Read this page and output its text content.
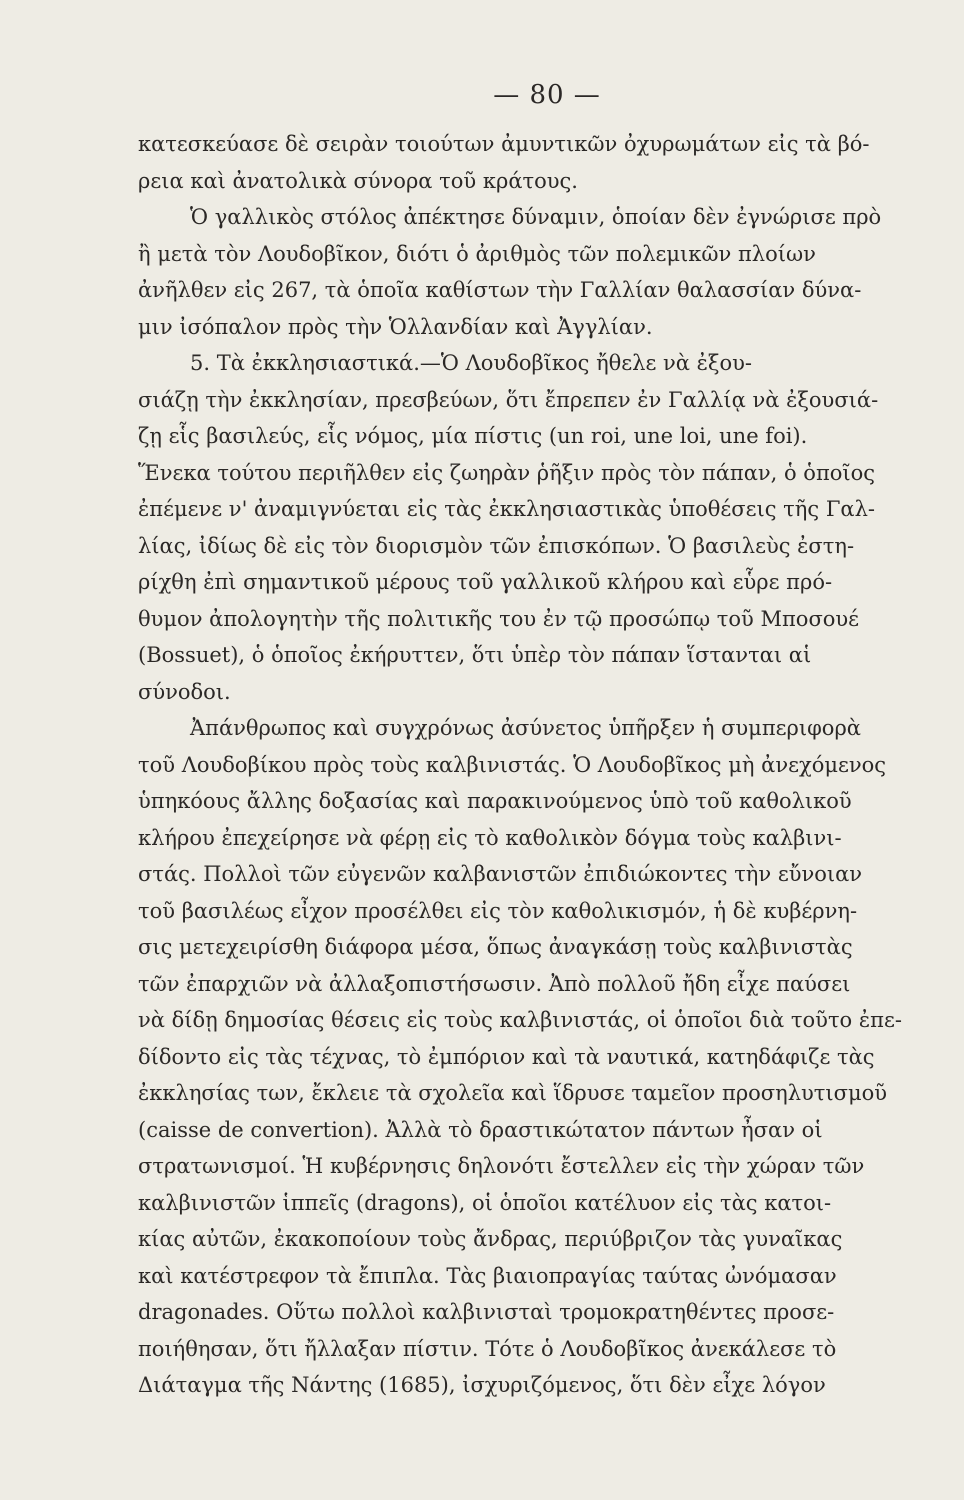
— 80 —
κατεσκεύασε δὲ σειρὰν τοιούτων ἀμυντικῶν ὀχυρωμάτων εἰς τὰ βό-
ρεια καὶ ἀνατολικὰ σύνορα τοῦ κράτους.
Ὁ γαλλικὸς στόλος ἀπέκτησε δύναμιν, ὁποίαν δὲν ἐγνώρισε πρὸ
ἢ μετὰ τὸν Λουδοβῖκον, διότι ὁ ἀριθμὸς τῶν πολεμικῶν πλοίων
ἀνῆλθεν εἰς 267, τὰ ὁποῖα καθίστων τὴν Γαλλίαν θαλασσίαν δύνα-
μιν ἰσόπαλον πρὸς τὴν Ὁλλανδίαν καὶ Ἀγγλίαν.
5. Τὰ ἐκκλησιαστικά.—Ὁ Λουδοβῖκος ἤθελε νὰ ἐξου-
σιάζῃ τὴν ἐκκλησίαν, πρεσβεύων, ὅτι ἔπρεπεν ἐν Γαλλίᾳ νὰ ἐξουσιά-
ζῃ εἷς βασιλεύς, εἷς νόμος, μία πίστις (un roi, une loi, une foi).
Ἕνεκα τούτου περιῆλθεν εἰς ζωηρὰν ῥῆξιν πρὸς τὸν πάπαν, ὁ ὁποῖος
ἐπέμενε ν' ἀναμιγνύεται εἰς τὰς ἐκκλησιαστικὰς ὑποθέσεις τῆς Γαλ-
λίας, ἰδίως δὲ εἰς τὸν διορισμὸν τῶν ἐπισκόπων. Ὁ βασιλεὺς ἐστη-
ρίχθη ἐπὶ σημαντικοῦ μέρους τοῦ γαλλικοῦ κλήρου καὶ εὗρε πρό-
θυμον ἀπολογητὴν τῆς πολιτικῆς του ἐν τῷ προσώπῳ τοῦ Μποσουέ
(Bossuet), ὁ ὁποῖος ἐκήρυττεν, ὅτι ὑπὲρ τὸν πάπαν ἵστανται αἱ
σύνοδοι.
Ἀπάνθρωπος καὶ συγχρόνως ἀσύνετος ὑπῆρξεν ἡ συμπεριφορὰ
τοῦ Λουδοβίκου πρὸς τοὺς καλβινιστάς. Ὁ Λουδοβῖκος μὴ ἀνεχόμενος
ὑπηκόους ἄλλης δοξασίας καὶ παρακινούμενος ὑπὸ τοῦ καθολικοῦ
κλήρου ἐπεχείρησε νὰ φέρῃ εἰς τὸ καθολικὸν δόγμα τοὺς καλβινι-
στάς. Πολλοὶ τῶν εὐγενῶν καλβανιστῶν ἐπιδιώκοντες τὴν εὔνοιαν
τοῦ βασιλέως εἶχον προσέλθει εἰς τὸν καθολικισμόν, ἡ δὲ κυβέρνη-
σις μετεχειρίσθη διάφορα μέσα, ὅπως ἀναγκάσῃ τοὺς καλβινιστὰς
τῶν ἐπαρχιῶν νὰ ἀλλαξοπιστήσωσιν. Ἀπὸ πολλοῦ ἤδη εἶχε παύσει
νὰ δίδῃ δημοσίας θέσεις εἰς τοὺς καλβινιστάς, οἱ ὁποῖοι διὰ τοῦτο ἐπε-
δίδοντο εἰς τὰς τέχνας, τὸ ἐμπόριον καὶ τὰ ναυτικά, κατηδάφιζε τὰς
ἐκκλησίας των, ἔκλειε τὰ σχολεῖα καὶ ἵδρυσε ταμεῖον προσηλυτισμοῦ
(caisse de convertion). Ἀλλὰ τὸ δραστικώτατον πάντων ἦσαν οἱ
στρατωνισμοί. Ἡ κυβέρνησις δηλονότι ἔστελλεν εἰς τὴν χώραν τῶν
καλβινιστῶν ἱππεῖς (dragons), οἱ ὁποῖοι κατέλυον εἰς τὰς κατοι-
κίας αὐτῶν, ἐκακοποίουν τοὺς ἄνδρας, περιύβριζον τὰς γυναῖκας
καὶ κατέστρεφον τὰ ἔπιπλα. Τὰς βιαιοπραγίας ταύτας ὠνόμασαν
dragonades. Οὕτω πολλοὶ καλβινισταὶ τρομοκρατηθέντες προσε-
ποιήθησαν, ὅτι ἤλλαξαν πίστιν. Τότε ὁ Λουδοβῖκος ἀνεκάλεσε τὸ
Διάταγμα τῆς Νάντης (1685), ἰσχυριζόμενος, ὅτι δὲν εἶχε λόγον
